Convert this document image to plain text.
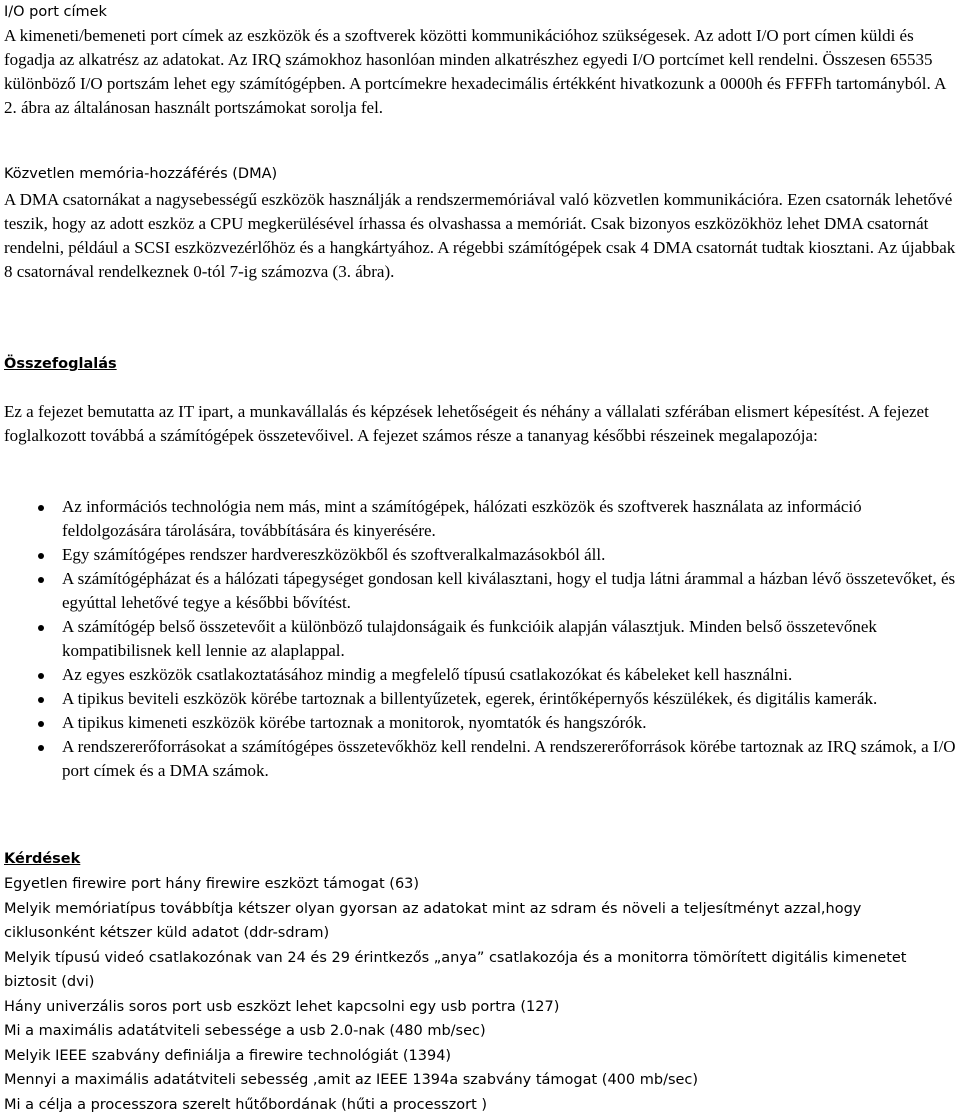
I/O port címek

A kimeneti/bemeneti port címek az eszközök és a szoftverek közötti kommunikációhoz szükségesek. Az adott I/O port címen küldi és fogadja az alkatrész az adatokat. Az IRQ számokhoz hasonlóan minden alkatrészhez egyedi I/O portcímet kell rendelni. Összesen 65535 különböző I/O portszám lehet egy számítógépben. A portcímekre hexadecimális értékként hivatkozunk a 0000h és FFFFh tartományból. A 2. ábra az általánosan használt portszámokat sorolja fel.

Közvetlen memória-hozzáférés (DMA)

A DMA csatornákat a nagysebességű eszközök használják a rendszermemóriával való közvetlen kommunikációra. Ezen csatornák lehetővé teszik, hogy az adott eszköz a CPU megkerülésével írhassa és olvashassa a memóriát. Csak bizonyos eszközökhöz lehet DMA csatornát rendelni, például a SCSI eszközvezérlőhöz és a hangkártyához. A régebbi számítógépek csak 4 DMA csatornát tudtak kiosztani. Az újabbak 8 csatornával rendelkeznek 0-tól 7-ig számozva (3. ábra).

Összefoglalás

Ez a fejezet bemutatta az IT ipart, a munkavállalás és képzések lehetőségeit és néhány a vállalati szférában elismert képesítést. A fejezet foglalkozott továbbá a számítógépek összetevőivel. A fejezet számos része a tananyag későbbi részeinek megalapozója:

Az információs technológia nem más, mint a számítógépek, hálózati eszközök és szoftverek használata az információ feldolgozására tárolására, továbbítására és kinyerésére.
Egy számítógépes rendszer hardvereszközökből és szoftveralkalmazásokból áll.
A számítógépházat és a hálózati tápegységet gondosan kell kiválasztani, hogy el tudja látni árammal a házban lévő összetevőket, és egyúttal lehetővé tegye a későbbi bővítést.
A számítógép belső összetevőit a különböző tulajdonságaik és funkcióik alapján választjuk. Minden belső összetevőnek kompatibilisnek kell lennie az alaplappal.
Az egyes eszközök csatlakoztatásához mindig a megfelelő típusú csatlakozókat és kábeleket kell használni.
A tipikus beviteli eszközök körébe tartoznak a billentyűzetek, egerek, érintőképernyős készülékek, és digitális kamerák.
A tipikus kimeneti eszközök körébe tartoznak a monitorok, nyomtatók és hangszórók.
A rendszererőforrásokat a számítógépes összetevőkhöz kell rendelni. A rendszererőforrások körébe tartoznak az IRQ számok, a I/O port címek és a DMA számok.
Kérdések

Egyetlen firewire port hány firewire eszközt támogat (63)

Melyik memóriatípus továbbítja kétszer olyan gyorsan az adatokat mint az sdram és növeli a teljesítményt azzal,hogy ciklusonként kétszer küld adatot (ddr-sdram)

Melyik típusú videó csatlakozónak van 24 és 29 érintkezős „anya” csatlakozója és a monitorra tömörített digitális kimenetet biztosit (dvi)

Hány univerzális soros port usb eszközt lehet kapcsolni egy usb portra (127)

Mi a maximális adatátviteli sebessége a usb 2.0-nak (480 mb/sec)

Melyik IEEE szabvány definiálja a firewire technológiát (1394)

Mennyi a maximális adatátviteli sebesség ,amit az IEEE 1394a szabvány támogat (400 mb/sec)

Mi a célja a processzora szerelt hűtőbordának (hűti a processzort )
